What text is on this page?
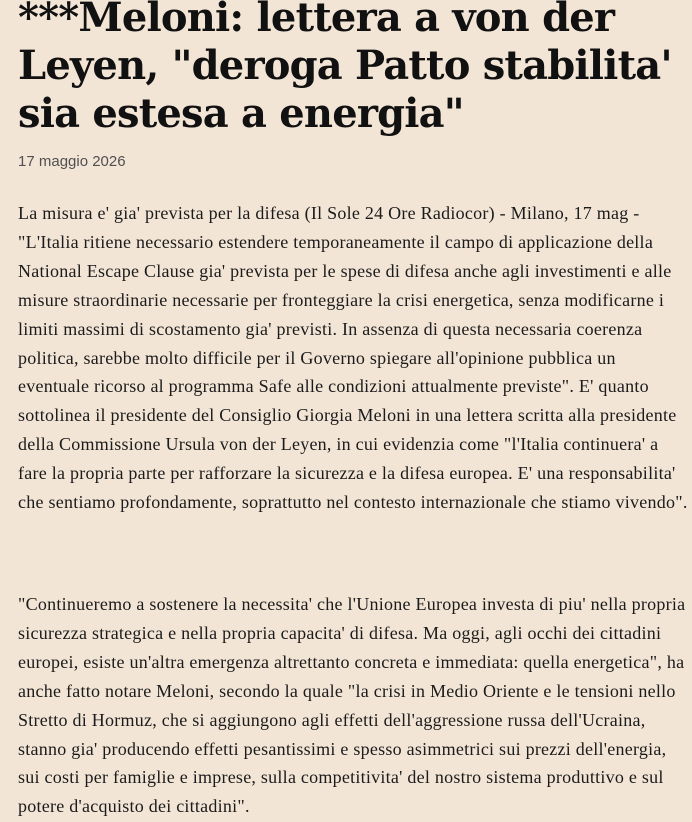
***Meloni: lettera a von der Leyen, "deroga Patto stabilita' sia estesa a energia"
17 maggio 2026

La misura e' gia' prevista per la difesa (Il Sole 24 Ore Radiocor) - Milano, 17 mag - "L'Italia ritiene necessario estendere temporaneamente il campo di applicazione della National Escape Clause gia' prevista per le spese di difesa anche agli investimenti e alle misure straordinarie necessarie per fronteggiare la crisi energetica, senza modificarne i limiti massimi di scostamento gia' previsti. In assenza di questa necessaria coerenza politica, sarebbe molto difficile per il Governo spiegare all'opinione pubblica un eventuale ricorso al programma Safe alle condizioni attualmente previste". E' quanto sottolinea il presidente del Consiglio Giorgia Meloni in una lettera scritta alla presidente della Commissione Ursula von der Leyen, in cui evidenzia come "l'Italia continuera' a fare la propria parte per rafforzare la sicurezza e la difesa europea. E' una responsabilita' che sentiamo profondamente, soprattutto nel contesto internazionale che stiamo vivendo".

"Continueremo a sostenere la necessita' che l'Unione Europea investa di piu' nella propria sicurezza strategica e nella propria capacita' di difesa. Ma oggi, agli occhi dei cittadini europei, esiste un'altra emergenza altrettanto concreta e immediata: quella energetica", ha anche fatto notare Meloni, secondo la quale "la crisi in Medio Oriente e le tensioni nello Stretto di Hormuz, che si aggiungono agli effetti dell'aggressione russa dell'Ucraina, stanno gia' producendo effetti pesantissimi e spesso asimmetrici sui prezzi dell'energia, sui costi per famiglie e imprese, sulla competitivita' del nostro sistema produttivo e sul potere d'acquisto dei cittadini".
